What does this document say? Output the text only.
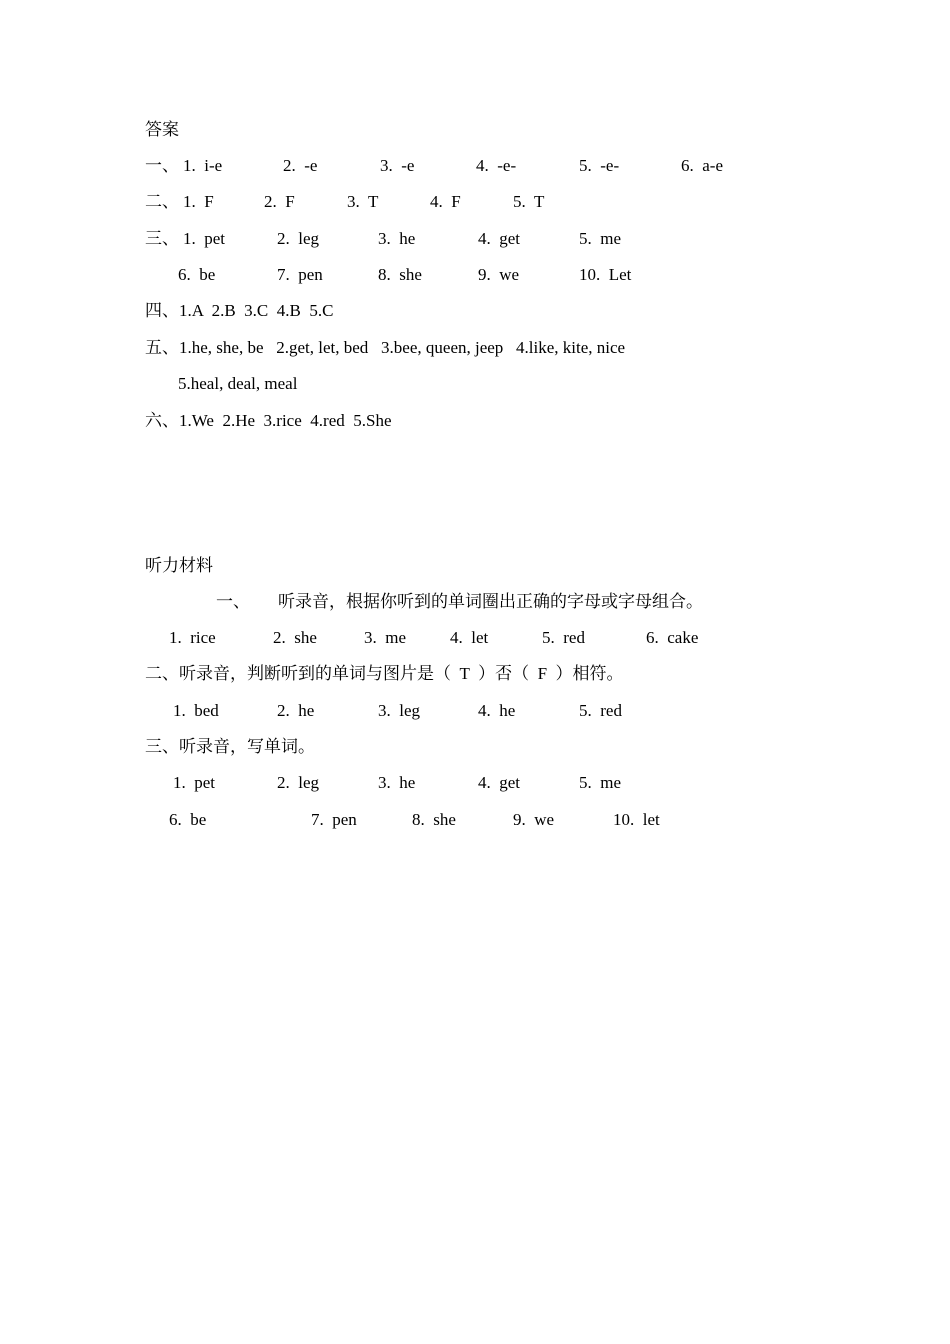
答案
一、 1.  i-e	2.  -e	3.  -e	4.  -e-	5.  -e-	6.  a-e
二、 1.  F	2.  F	3.  T	4.  F	5.  T
三、 1.  pet	2.  leg	3.  he	4.  get	5.  me
6.  be	7.  pen	8.  she	9.  we	10.  Let
四、1.A  2.B  3.C  4.B  5.C
五、1.he, she, be   2.get, let, bed   3.bee, queen, jeep   4.like, kite, nice
5.heal, deal, meal
六、1.We  2.He  3.rice  4.red  5.She
听力材料
一、 听录音，根据你听到的单词圈出正确的字母或字母组合。
1.  rice	2.  she	3.  me	4.  let	5.  red	6.  cake
二、听录音，判断听到的单词与图片是（  T  ）否（  F  ）相符。
1.  bed	2.  he	3.  leg	4.  he	5.  red
三、听录音，写单词。
1.  pet	2.  leg	3.  he	4.  get	5.  me
6.  be	7.  pen	8.  she	9.  we	10.  let
